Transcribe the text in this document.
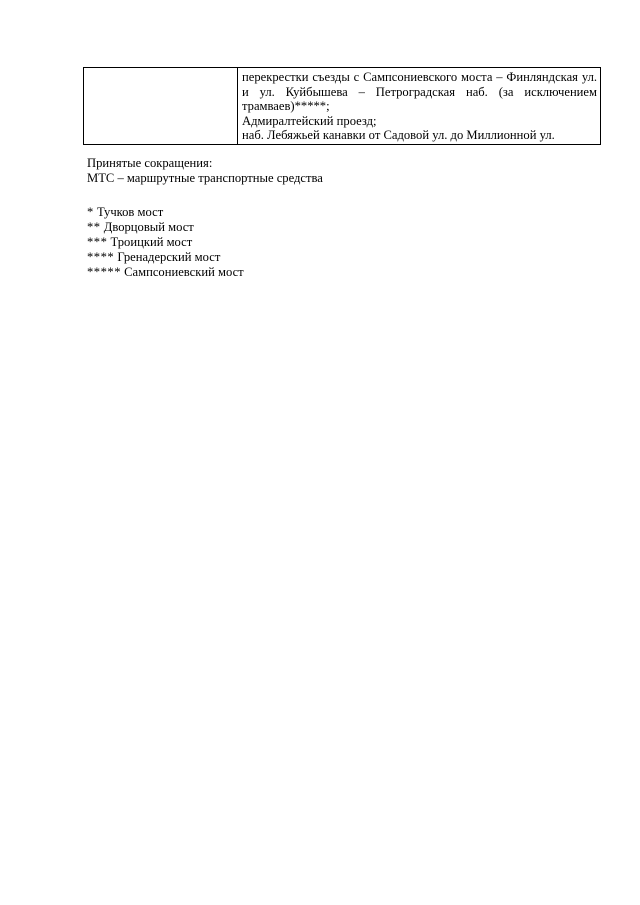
перекрестки съезды с Сампсониевского моста – Финляндская ул.
и ул. Куйбышева – Петроградская наб. (за исключением
трамваев)*****;
Адмиралтейский проезд;
наб. Лебяжьей канавки от Садовой ул. до Миллионной ул.
Принятые сокращения:
МТС – маршрутные транспортные средства
* Тучков мост
** Дворцовый мост
*** Троицкий мост
**** Гренадерский мост
***** Сампсониевский мост
